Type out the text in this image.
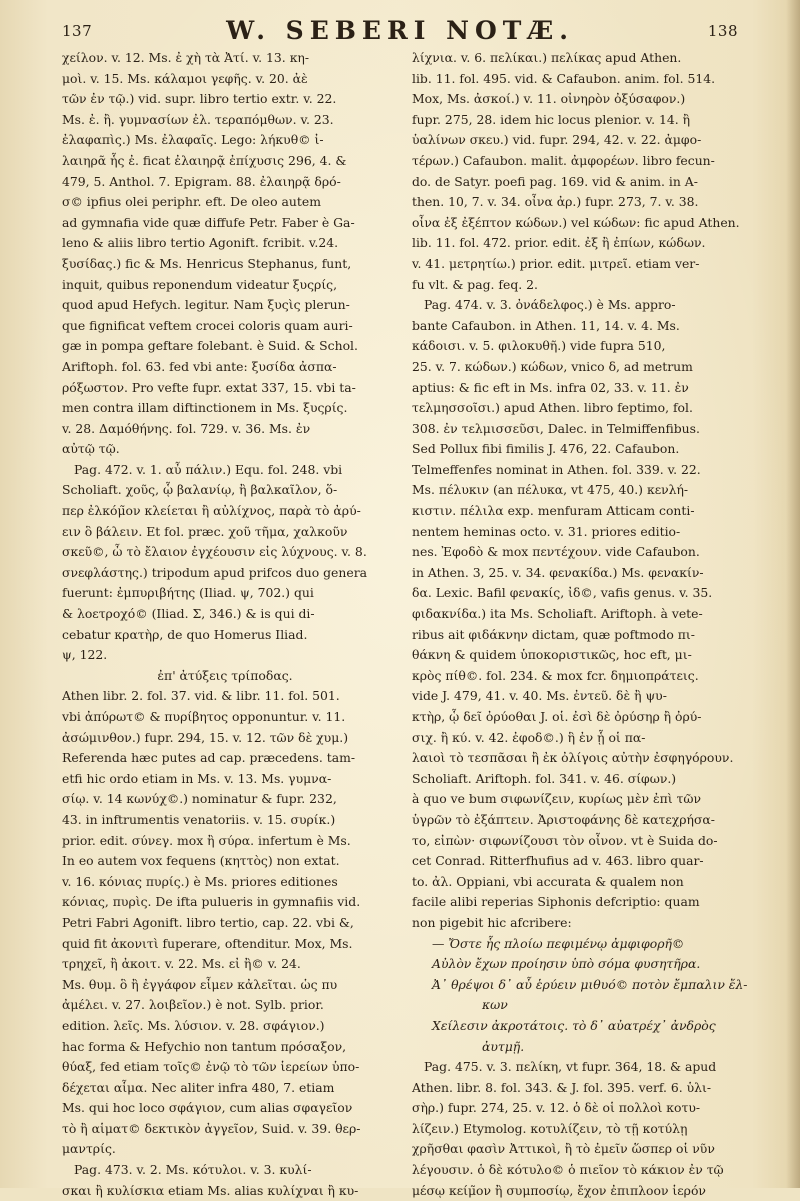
137	W. SEBERI NOTÆ.	138
χείλον. v. 12. Ms. ἐ χὴ τὰ Ἀτί. v. 13. κη-
μοὶ. v. 15. Ms. κάλαμοι γεφῆς. v. 20. ἀὲ
τῶν ἐν τῷ.) vid. supr. libro tertio extr. v. 22.
Ms. ἐ. ἢ. γυμνασίων ἐλ. τεραπόμθων. v. 23.
ἐλαφαπὶς.) Ms. ἐλαφαῖς. Lego: λήκυθ© ἰ-
λαιηρᾶ ἧς ἐ. ficat ἐλαιηρᾷ ἐπίχυσις 296, 4. &
479, 5. Anthol. 7. Epigram. 88. ἐλαιηρᾷ δρό-
σ© ipfius olei periphr. eft. De oleo autem
ad gymnafia vide quæ diffufe Petr. Faber è Ga-
leno & aliis libro tertio Agonift. fcribit. v.24.
ξυσίδας.) fic & Ms. Henricus Stephanus, funt,
inquit, quibus reponendum videatur ξυςρίς,
quod apud Hefych. legitur. Nam ξυςὶς plerun-
que fignificat veftem crocei coloris quam auri-
gæ in pompa geftare folebant. è Suid. & Schol.
Ariftoph. fol. 63. fed vbi ante: ξυσίδα ἀσπα-
ρόξωστον. Pro vefte fupr. extat 337, 15. vbi ta-
men contra illam diftinctionem in Ms. ξυςρίς.
v. 28. Δαμόθήνης. fol. 729. v. 36. Ms. ἐν
αὐτῷ τῷ.
Pag. 472. v. 1. αὖ πάλιν.) Equ. fol. 248. vbi
Scholiaft. χοῦς, ᾧ βαλανίῳ, ἢ βαλκαῖλον, ὅ-
περ ἐλκόμ̃ον κλείεται ἢ αὐλίχνος, παρὰ τὸ ἀρύ-
ειν ὃ βάλειν. Et fol. præc. χοῦ τῆμα, χαλκοῦν
σκεῦ©, ὦ τὸ ἔλαιον ἐγχέουσιν εἰς λύχνους. v. 8.
σνεφλάστης.) tripodum apud prifcos duo genera
fuerunt: ἐμπυριβήτης (Iliad. ψ, 702.) qui
& λοετροχό© (Iliad. Σ, 346.) & is qui di-
cebatur κρατὴρ, de quo Homerus Iliad.
ψ, 122.
ἐπ' ἀτύξεις τρίποδας.
Athen libr. 2. fol. 37. vid. & libr. 11. fol. 501.
vbi ἀπύρωτ© & πυρίβητος opponuntur. v. 11.
ἀσώμινθον.) fupr. 294, 15. v. 12. τῶν δὲ χυμ.)
Referenda hæc putes ad cap. præcedens. tam-
etfi hic ordo etiam in Ms. v. 13. Ms. γυμνα-
σίῳ. v. 14 κωνύχ©.) nominatur & fupr. 232,
43. in inftrumentis venatoriis. v. 15. συρίκ.)
prior. edit. σύνεγ. mox ἢ σύρα. infertum è Ms.
In eo autem vox fequens (κηττὸς) non extat.
v. 16. κόνιας πυρίς.) è Ms. priores editiones
κόνιας, πυρὶς. De ifta pulueris in gymnafiis vid.
Petri Fabri Agonift. libro tertio, cap. 22. vbi &,
quid fit ἀκονιτὶ fuperare, oftenditur. Mox, Ms.
τρηχεῖ, ἢ ἀκοιτ. v. 22. Ms. εἰ ἢ© v. 24.
Ms. θυμ. ὃ ἢ ἐγγάφον εἶμεν κἀλεῖται. ὡς πυ
ἀμέλει. v. 27. λοιβεῖον.) è not. Sylb. prior.
edition. λεῖς. Ms. λύσιον. v. 28. σφάγιον.)
hac forma & Hefychio non tantum πρόσαξον,
θύαξ, fed etiam τοῖς© ἐνῷ τὸ τῶν ἱερείων ὑπο-
δέχεται αἷμα. Nec aliter infra 480, 7. etiam
Ms. qui hoc loco σφάγιον, cum alias σφαγεῖον
τὸ ἢ αἱματ© δεκτικὸν ἀγγεῖον, Suid. v. 39. θερ-
μαντρίς.
Pag. 473. v. 2. Ms. κότυλοι. v. 3. κυλί-
σκαι ἢ κυλίσκια etiam Ms. alias κυλίχναι ἢ κυ-
λίχνια. v. 6. πελίκαι.) πελίκας apud Athen.
lib. 11. fol. 495. vid. & Cafaubon. anim. fol. 514.
Mox, Ms. ἀσκοί.) v. 11. οἰνηρὸν ὀξύσαφον.)
fupr. 275, 28. idem hic locus plenior. v. 14. ἢ
ὑαλίνων σκευ.) vid. fupr. 294, 42. v. 22. ἀμφο-
τέρων.) Cafaubon. malit. ἀμφορέων. libro fecun-
do. de Satyr. poefi pag. 169. vid & anim. in A-
then. 10, 7. v. 34. οἶνα ἀρ.) fupr. 273, 7. v. 38.
οἶνα ἐξ ἐξέπτον κώδων.) vel κώδων: fic apud Athen.
lib. 11. fol. 472. prior. edit. ἐξ ἢ ἐπίων, κώδων.
v. 41. μετρητίω.) prior. edit. μιτρεῖ. etiam ver-
fu vlt. & pag. feq. 2.
Pag. 474. v. 3. ὀνάδελφος.) è Ms. appro-
bante Cafaubon. in Athen. 11, 14. v. 4. Ms.
κάδοισι. v. 5. φιλοκυθῆ.) vide fupra 510,
25. v. 7. κώδων.) κώδων, vnico δ, ad metrum
aptius: & fic eft in Ms. infra 02, 33. v. 11. ἐν
τελμησσοῖσι.) apud Athen. libro feptimo, fol.
308. ἐν τελμισσεῦσι, Dalec. in Telmiffenfibus.
Sed Pollux fibi fimilis J. 476, 22. Cafaubon.
Telmeffenfes nominat in Athen. fol. 339. v. 22.
Ms. πέλυκιν (an πέλυκα, vt 475, 40.) κενλή-
κιστιν. πέλιλα exp. menfuram Atticam conti-
nentem heminas octo. v. 31. priores editio-
nes. Ἐφοδὸ & mox πεντέχουν. vide Cafaubon.
in Athen. 3, 25. v. 34. φενακίδα.) Ms. φενακίν-
δα. Lexic. Bafil φενακίς, ἰδ©, vafis genus. v. 35.
φιδακνίδα.) ita Ms. Scholiaft. Ariftoph. à vete-
ribus ait φιδάκνην dictam, quæ poftmodo πι-
θάκνη & quidem ὑποκοριστικῶς, hoc eft, μι-
κρὸς πίθ©. fol. 234. & mox fcr. δημιοπράτεις.
vide J. 479, 41. v. 40. Ms. ἐντεῦ. δὲ ἢ ψυ-
κτὴρ, ᾧ δεῖ ὀρύοθαι J. οἱ. ἐσὶ δὲ ὀρύσηρ ἢ ὀρύ-
σιχ. ἢ κύ. v. 42. ἐφοδ©.) ἣ ἐν ᾗ οἱ πα-
λαιοὶ τὸ τεσπᾶσαι ἢ ἐκ ὀλίγοις αὐτὴν ἐσφηγόρουν.
Scholiaft. Ariftoph. fol. 341. v. 46. σίφων.)
à quo ve bum σιφωνίζειν, κυρίως μὲν ἐπὶ τῶν
ὑγρῶν τὸ ἐξάπτειν. Ἀριστοφάνης δὲ κατεχρήσα-
το, εἰπὼν· σιφωνίζουσι τὸν οἶνον. vt è Suida do-
cet Conrad. Ritterfhufius ad v. 463. libro quar-
to. ἀλ. Oppiani, vbi accurata & qualem non
facile alibi reperias Siphonis defcriptio: quam
non pigebit hic afcribere:
— Ὄστε ἧς πλοίω πεφιμένῳ ἀμφιφορῆ©
Αὐλὸν ἔχων προίησιν ὑπὸ σόμα φυσητῆρα.
Ἀ᾽ θρέψοι δ᾽ αὖ ἑρύειν μιθυό© ποτὸν ἔμπαλιν ἔλ-
κων
Χείλεσιν ἀκροτάτοις. τὸ δ᾽ αὐατρέχ᾽ ἀνδρὸς
ἀυτμῇ.
Pag. 475. v. 3. πελίκη, vt fupr. 364, 18. & apud
Athen. libr. 8. fol. 343. & J. fol. 395. verf. 6. ὑλι-
σὴρ.) fupr. 274, 25. v. 12. ὁ δὲ οἱ πολλοὶ κοτυ-
λίζειν.) Etymolog. κοτυλίζειν, τὸ τῇ κοτύλῃ
χρῆσθαι φασὶν Ἀττικοὶ, ἢ τὸ ἐμεῖν ὥσπερ οἱ νῦν
λέγουσιν. ὁ δὲ κότυλο© ὁ πιεῖον τὸ κάκιον ἐν τῷ
μέσῳ κείμ̃ον ἢ συμποσίῳ, ἔχον ἐπιπλοον ἱερόν
